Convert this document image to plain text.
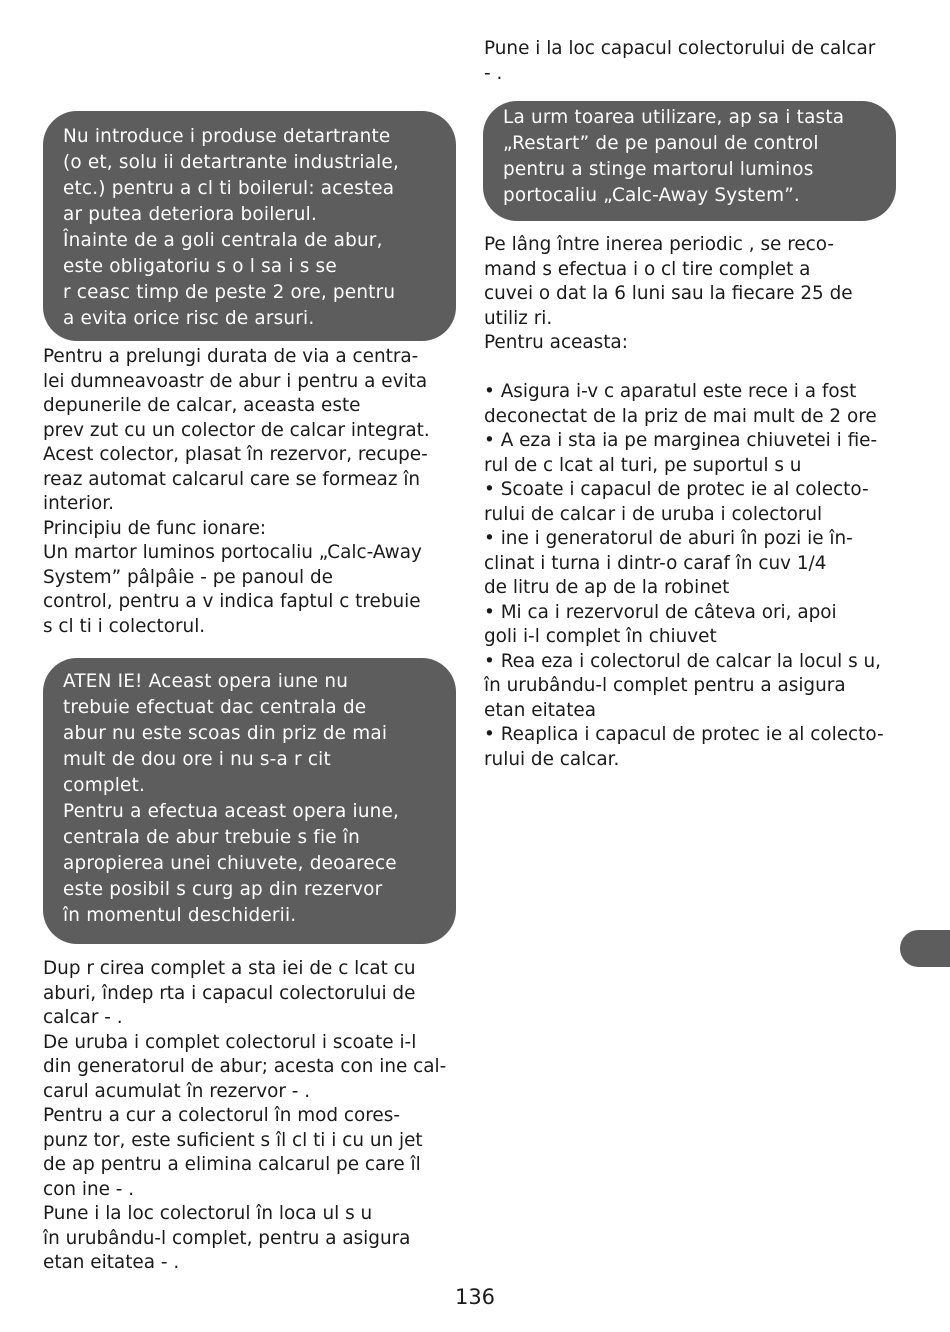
Nu introduce i produse detartrante
(o et, solu ii detartrante industriale,
etc.) pentru a cl ti boilerul: acestea
ar putea deteriora boilerul.
Înainte de a goli centrala de abur,
este obligatoriu s o l sa i s se
r ceasc timp de peste 2 ore, pentru
a evita orice risc de arsuri.
Pentru a prelungi durata de via a centra-
lei dumneavoastr de abur i pentru a evita
depunerile de calcar, aceasta este
prev zut cu un colector de calcar integrat.
Acest colector, plasat în rezervor, recupe-
reaz automat calcarul care se formeaz în
interior.
Principiu de func ionare:
Un martor luminos portocaliu „Calc-Away
System” pâlpâie - pe panoul de
control, pentru a v indica faptul c trebuie
s cl ti i colectorul.
ATEN IE! Aceast opera iune nu
trebuie efectuat dac centrala de
abur nu este scoas din priz de mai
mult de dou ore i nu s-a r cit
complet.
Pentru a efectua aceast opera iune,
centrala de abur trebuie s fie în
apropierea unei chiuvete, deoarece
este posibil s curg ap din rezervor
în momentul deschiderii.
Dup r cirea complet a sta iei de c lcat cu
aburi, îndep rta i capacul colectorului de
calcar - .
De uruba i complet colectorul i scoate i-l
din generatorul de abur; acesta con ine cal-
carul acumulat în rezervor - .
Pentru a cur a colectorul în mod cores-
punz tor, este suficient s îl cl ti i cu un jet
de ap pentru a elimina calcarul pe care îl
con ine - .
Pune i la loc colectorul în loca ul s u
în urubându-l complet, pentru a asigura
etan eitatea - .
Pune i la loc capacul colectorului de calcar
- .
La urm toarea utilizare, ap sa i tasta
„Restart” de pe panoul de control
pentru a stinge martorul luminos
portocaliu „Calc-Away System”.
Pe lâng între inerea periodic , se reco-
mand s efectua i o cl tire complet a
cuvei o dat la 6 luni sau la fiecare 25 de
utiliz ri.
Pentru aceasta:

• Asigura i-v c aparatul este rece i a fost
deconectat de la priz de mai mult de 2 ore
• A eza i sta ia pe marginea chiuvetei i fie-
rul de c lcat al turi, pe suportul s u
• Scoate i capacul de protec ie al colecto-
rului de calcar i de uruba i colectorul
• ine i generatorul de aburi în pozi ie în-
clinat i turna i dintr-o caraf în cuv 1/4
de litru de ap de la robinet
• Mi ca i rezervorul de câteva ori, apoi
goli i-l complet în chiuvet
• Rea eza i colectorul de calcar la locul s u,
în urubându-l complet pentru a asigura
etan eitatea
• Reaplica i capacul de protec ie al colecto-
rului de calcar.
136
